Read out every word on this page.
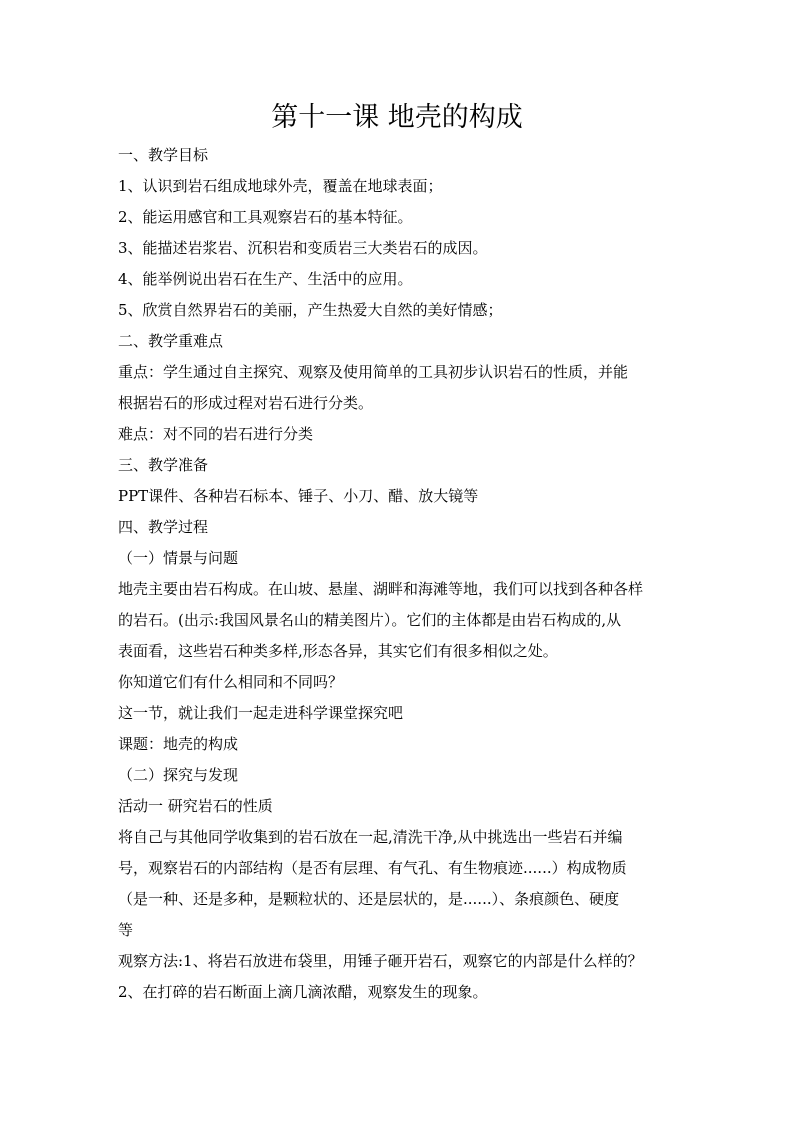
第十一课 地壳的构成
一、教学目标
1、认识到岩石组成地球外壳，覆盖在地球表面；
2、能运用感官和工具观察岩石的基本特征。
3、能描述岩浆岩、沉积岩和变质岩三大类岩石的成因。
4、能举例说出岩石在生产、生活中的应用。
5、欣赏自然界岩石的美丽，产生热爱大自然的美好情感；
二、教学重难点
重点：学生通过自主探究、观察及使用简单的工具初步认识岩石的性质，并能
根据岩石的形成过程对岩石进行分类。
难点：对不同的岩石进行分类
三、教学准备
PPT课件、各种岩石标本、锤子、小刀、醋、放大镜等
四、教学过程
（一）情景与问题
地壳主要由岩石构成。在山坡、悬崖、湖畔和海滩等地，我们可以找到各种各样
的岩石。(出示:我国风景名山的精美图片）。它们的主体都是由岩石构成的,从
表面看，这些岩石种类多样,形态各异，其实它们有很多相似之处。
你知道它们有什么相同和不同吗？
这一节，就让我们一起走进科学课堂探究吧
课题：地壳的构成
（二）探究与发现
活动一 研究岩石的性质
将自己与其他同学收集到的岩石放在一起,清洗干净,从中挑选出一些岩石并编
号，观察岩石的内部结构（是否有层理、有气孔、有生物痕迹......）构成物质
（是一种、还是多种，是颗粒状的、还是层状的，是......）、条痕颜色、硬度
等
观察方法:1、将岩石放进布袋里，用锤子砸开岩石，观察它的内部是什么样的？
2、在打碎的岩石断面上滴几滴浓醋，观察发生的现象。
